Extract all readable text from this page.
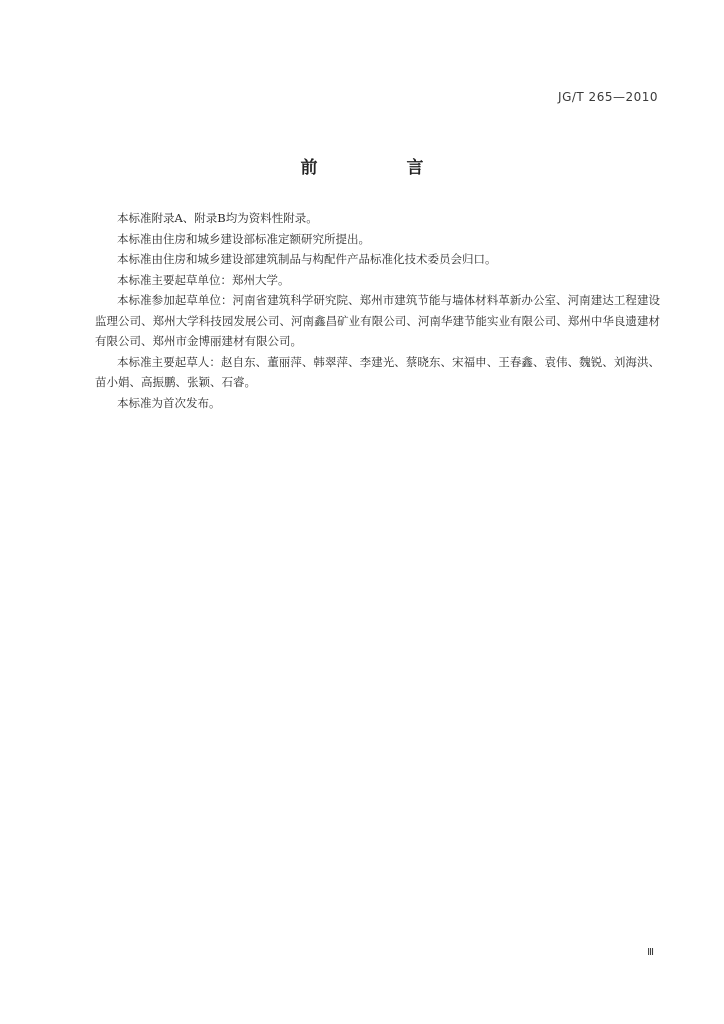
JG/T 265—2010
前　言

本标准附录A、附录B均为资料性附录。

本标准由住房和城乡建设部标准定额研究所提出。

本标准由住房和城乡建设部建筑制品与构配件产品标准化技术委员会归口。

本标准主要起草单位：郑州大学。

本标准参加起草单位：河南省建筑科学研究院、郑州市建筑节能与墙体材料革新办公室、河南建达工程建设监理公司、郑州大学科技园发展公司、河南鑫昌矿业有限公司、河南华建节能实业有限公司、郑州中华良遗建材有限公司、郑州市金博丽建材有限公司。

本标准主要起草人：赵自东、董丽萍、韩翠萍、李建光、蔡晓东、宋福申、王春鑫、袁伟、魏锐、刘海洪、苗小娟、高振鹏、张颖、石睿。

本标准为首次发布。

Ⅲ
